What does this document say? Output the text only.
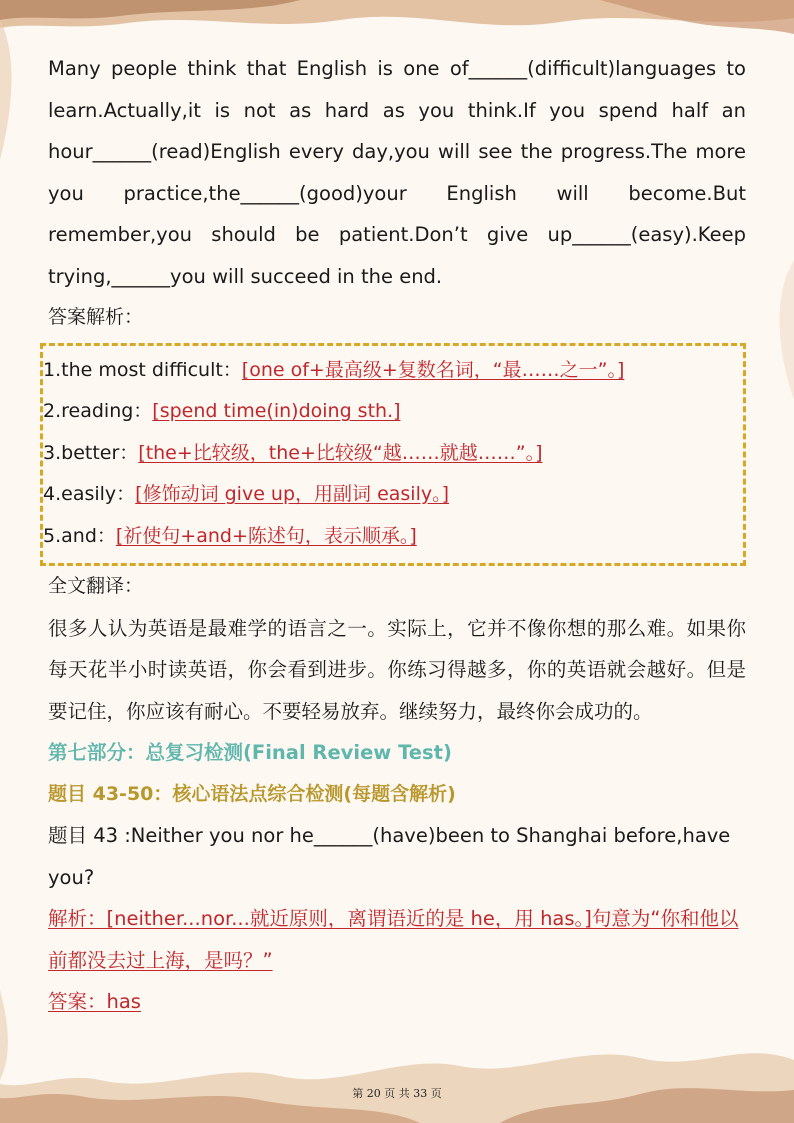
Many people think that English is one of______(difficult)languages to learn.Actually,it is not as hard as you think.If you spend half an hour______(read)English every day,you will see the progress.The more you practice,the______(good)your English will become.But remember,you should be patient.Don’t give up______(easy).Keep trying,______you will succeed in the end.

答案解析：

1.the most difficult：[one of+最高级+复数名词，“最……之一”。]

2.reading：[spend time(in)doing sth.]

3.better：[the+比较级，the+比较级“越……就越……”。]

4.easily：[修饰动词 give up，用副词 easily。]

5.and：[祈使句+and+陈述句，表示顺承。]

全文翻译：

很多人认为英语是最难学的语言之一。实际上，它并不像你想的那么难。如果你每天花半小时读英语，你会看到进步。你练习得越多，你的英语就会越好。但是要记住，你应该有耐心。不要轻易放弃。继续努力，最终你会成功的。

第七部分：总复习检测(Final Review Test)

题目 43-50：核心语法点综合检测(每题含解析)

题目 43 :Neither you nor he______(have)been to Shanghai before,have you?

解析：[neither...nor...就近原则，离谓语近的是 he，用 has。]句意为“你和他以前都没去过上海，是吗？”

答案：has

第 20 页 共 33 页
